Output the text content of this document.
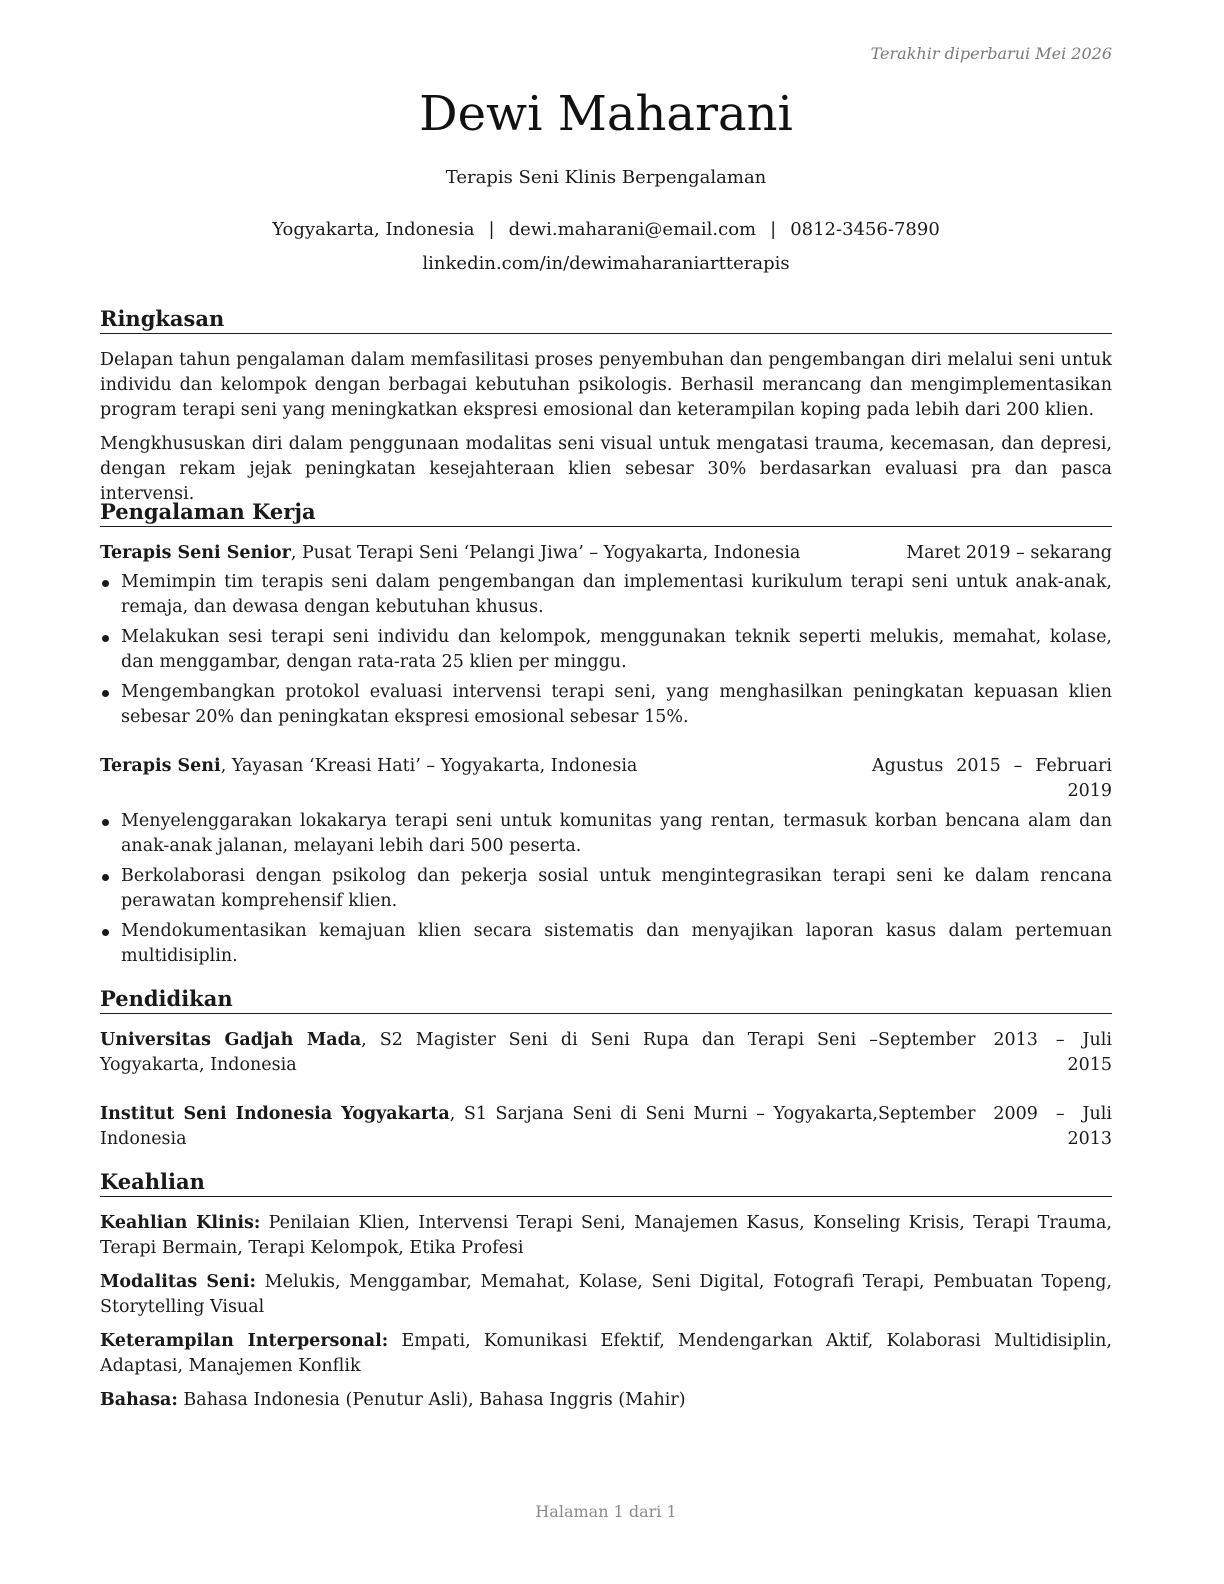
Terakhir diperbarui Mei 2026
Dewi Maharani
Terapis Seni Klinis Berpengalaman
Yogyakarta, Indonesia | dewi.maharani@email.com | 0812-3456-7890
linkedin.com/in/dewimaharaniartterapis
Ringkasan

Delapan tahun pengalaman dalam memfasilitasi proses penyembuhan dan pengembangan diri melalui seni untuk individu dan kelompok dengan berbagai kebutuhan psikologis. Berhasil merancang dan mengimplementasikan program terapi seni yang meningkatkan ekspresi emosional dan keterampilan koping pada lebih dari 200 klien.

Mengkhususkan diri dalam penggunaan modalitas seni visual untuk mengatasi trauma, kecemasan, dan depresi, dengan rekam jejak peningkatan kesejahteraan klien sebesar 30% berdasarkan evaluasi pra dan pasca intervensi.

Pengalaman Kerja
Terapis Seni Senior, Pusat Terapi Seni ‘Pelangi Jiwa’ – Yogyakarta, Indonesia	Maret 2019 – sekarang
Memimpin tim terapis seni dalam pengembangan dan implementasi kurikulum terapi seni untuk anak-anak, remaja, dan dewasa dengan kebutuhan khusus.
Melakukan sesi terapi seni individu dan kelompok, menggunakan teknik seperti melukis, memahat, kolase, dan menggambar, dengan rata-rata 25 klien per minggu.
Mengembangkan protokol evaluasi intervensi terapi seni, yang menghasilkan peningkatan kepuasan klien sebesar 20% dan peningkatan ekspresi emosional sebesar 15%.
Terapis Seni, Yayasan ‘Kreasi Hati’ – Yogyakarta, Indonesia	Agustus 2015 – Februari 2019
Menyelenggarakan lokakarya terapi seni untuk komunitas yang rentan, termasuk korban bencana alam dan anak-anak jalanan, melayani lebih dari 500 peserta.
Berkolaborasi dengan psikolog dan pekerja sosial untuk mengintegrasikan terapi seni ke dalam rencana perawatan komprehensif klien.
Mendokumentasikan kemajuan klien secara sistematis dan menyajikan laporan kasus dalam pertemuan multidisiplin.
Pendidikan
Universitas Gadjah Mada, S2 Magister Seni di Seni Rupa dan Terapi Seni – Yogyakarta, Indonesia
September 2013 – Juli 2015
Institut Seni Indonesia Yogyakarta, S1 Sarjana Seni di Seni Murni – Yogyakarta, Indonesia
September 2009 – Juli 2013
Keahlian

Keahlian Klinis: Penilaian Klien, Intervensi Terapi Seni, Manajemen Kasus, Konseling Krisis, Terapi Trauma, Terapi Bermain, Terapi Kelompok, Etika Profesi

Modalitas Seni: Melukis, Menggambar, Memahat, Kolase, Seni Digital, Fotografi Terapi, Pembuatan Topeng, Storytelling Visual

Keterampilan Interpersonal: Empati, Komunikasi Efektif, Mendengarkan Aktif, Kolaborasi Multidisiplin, Adaptasi, Manajemen Konflik

Bahasa: Bahasa Indonesia (Penutur Asli), Bahasa Inggris (Mahir)

Halaman 1 dari 1
